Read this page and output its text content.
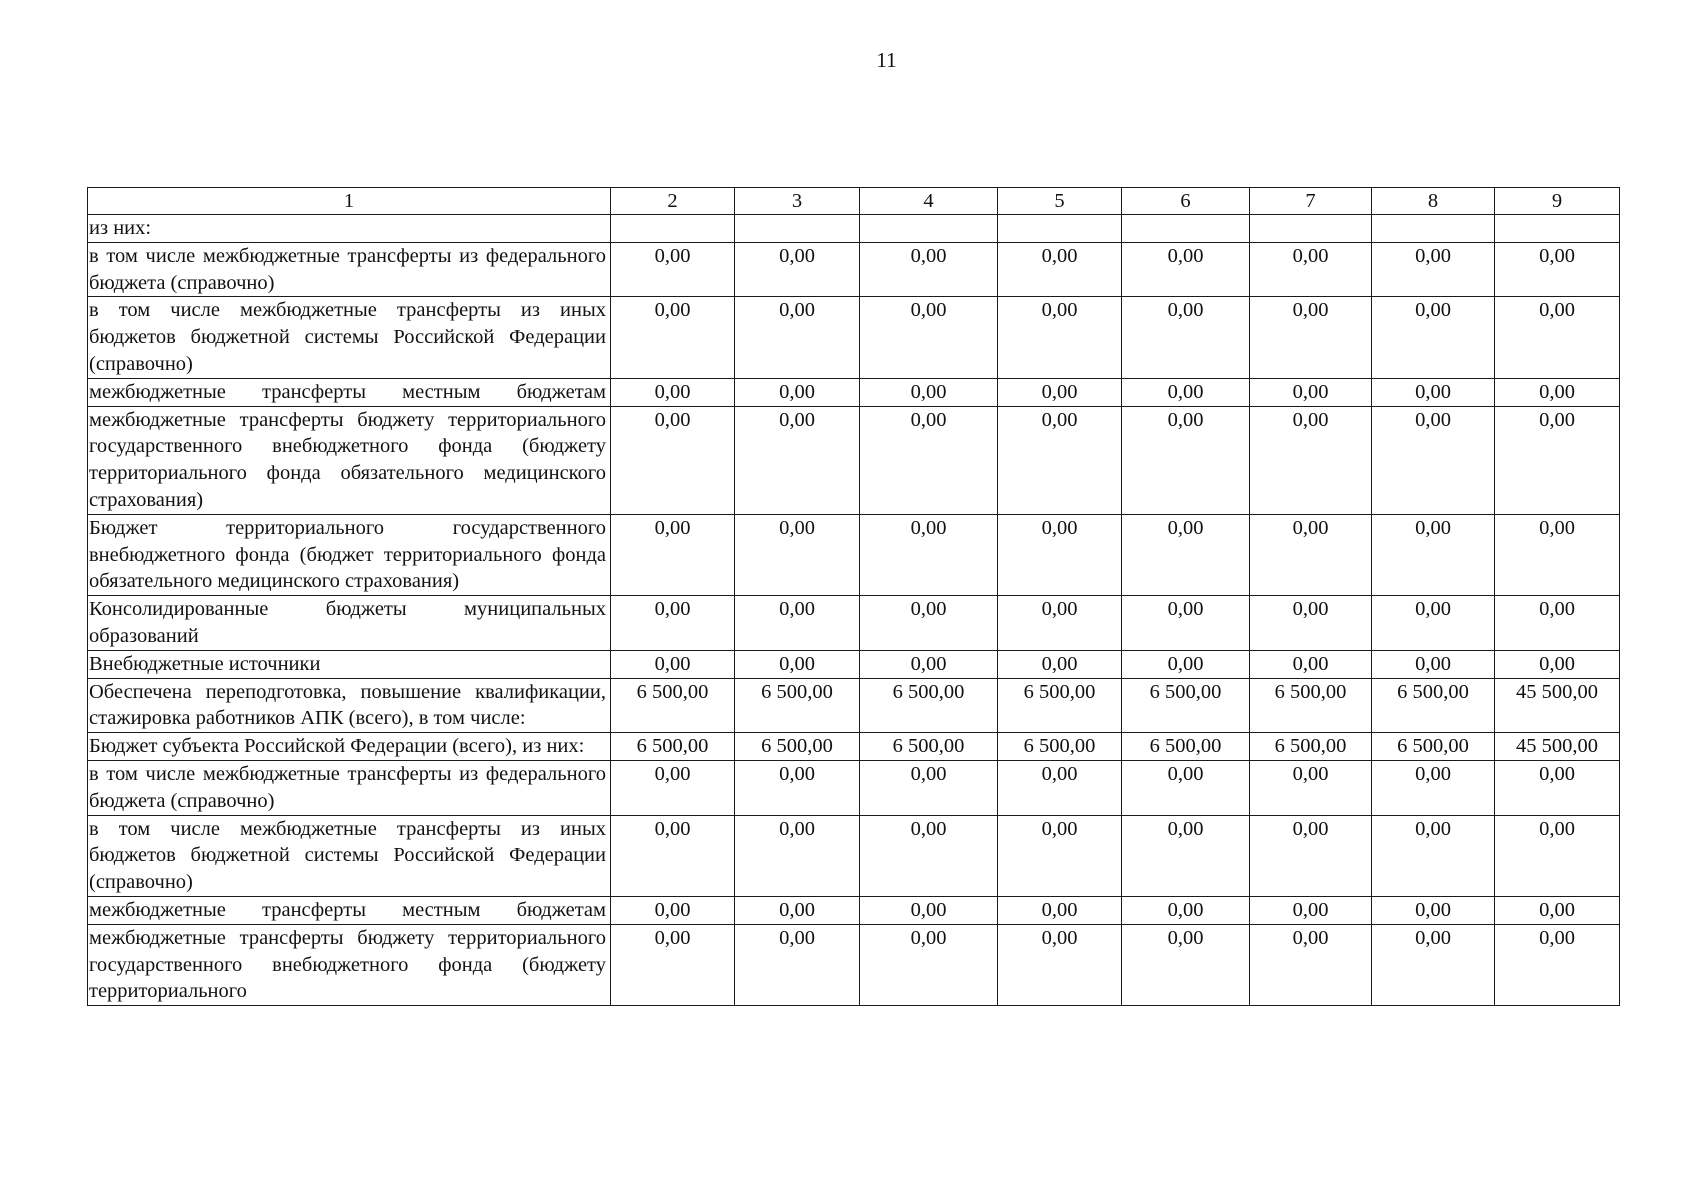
11
1	2	3	4	5	6	7	8	9
из них:								
в том числе межбюджетные трансферты из федерального бюджета (справочно)	0,00	0,00	0,00	0,00	0,00	0,00	0,00	0,00
в том числе межбюджетные трансферты из иных бюджетов бюджетной системы Российской Федерации (справочно)	0,00	0,00	0,00	0,00	0,00	0,00	0,00	0,00
межбюджетные трансферты местным бюджетам	0,00	0,00	0,00	0,00	0,00	0,00	0,00	0,00
межбюджетные трансферты бюджету территориального государственного внебюджетного фонда (бюджету территориального фонда обязательного медицинского страхования)	0,00	0,00	0,00	0,00	0,00	0,00	0,00	0,00
Бюджет территориального государственного внебюджетного фонда (бюджет территориального фонда обязательного медицинского страхования)	0,00	0,00	0,00	0,00	0,00	0,00	0,00	0,00
Консолидированные бюджеты муниципальных образований	0,00	0,00	0,00	0,00	0,00	0,00	0,00	0,00
Внебюджетные источники	0,00	0,00	0,00	0,00	0,00	0,00	0,00	0,00
Обеспечена переподготовка, повышение квалификации, стажировка работников АПК (всего), в том числе:	6 500,00	6 500,00	6 500,00	6 500,00	6 500,00	6 500,00	6 500,00	45 500,00
Бюджет субъекта Российской Федерации (всего), из них:	6 500,00	6 500,00	6 500,00	6 500,00	6 500,00	6 500,00	6 500,00	45 500,00
в том числе межбюджетные трансферты из федерального бюджета (справочно)	0,00	0,00	0,00	0,00	0,00	0,00	0,00	0,00
в том числе межбюджетные трансферты из иных бюджетов бюджетной системы Российской Федерации (справочно)	0,00	0,00	0,00	0,00	0,00	0,00	0,00	0,00
межбюджетные трансферты местным бюджетам	0,00	0,00	0,00	0,00	0,00	0,00	0,00	0,00
межбюджетные трансферты бюджету территориального государственного внебюджетного фонда (бюджету территориального	0,00	0,00	0,00	0,00	0,00	0,00	0,00	0,00
